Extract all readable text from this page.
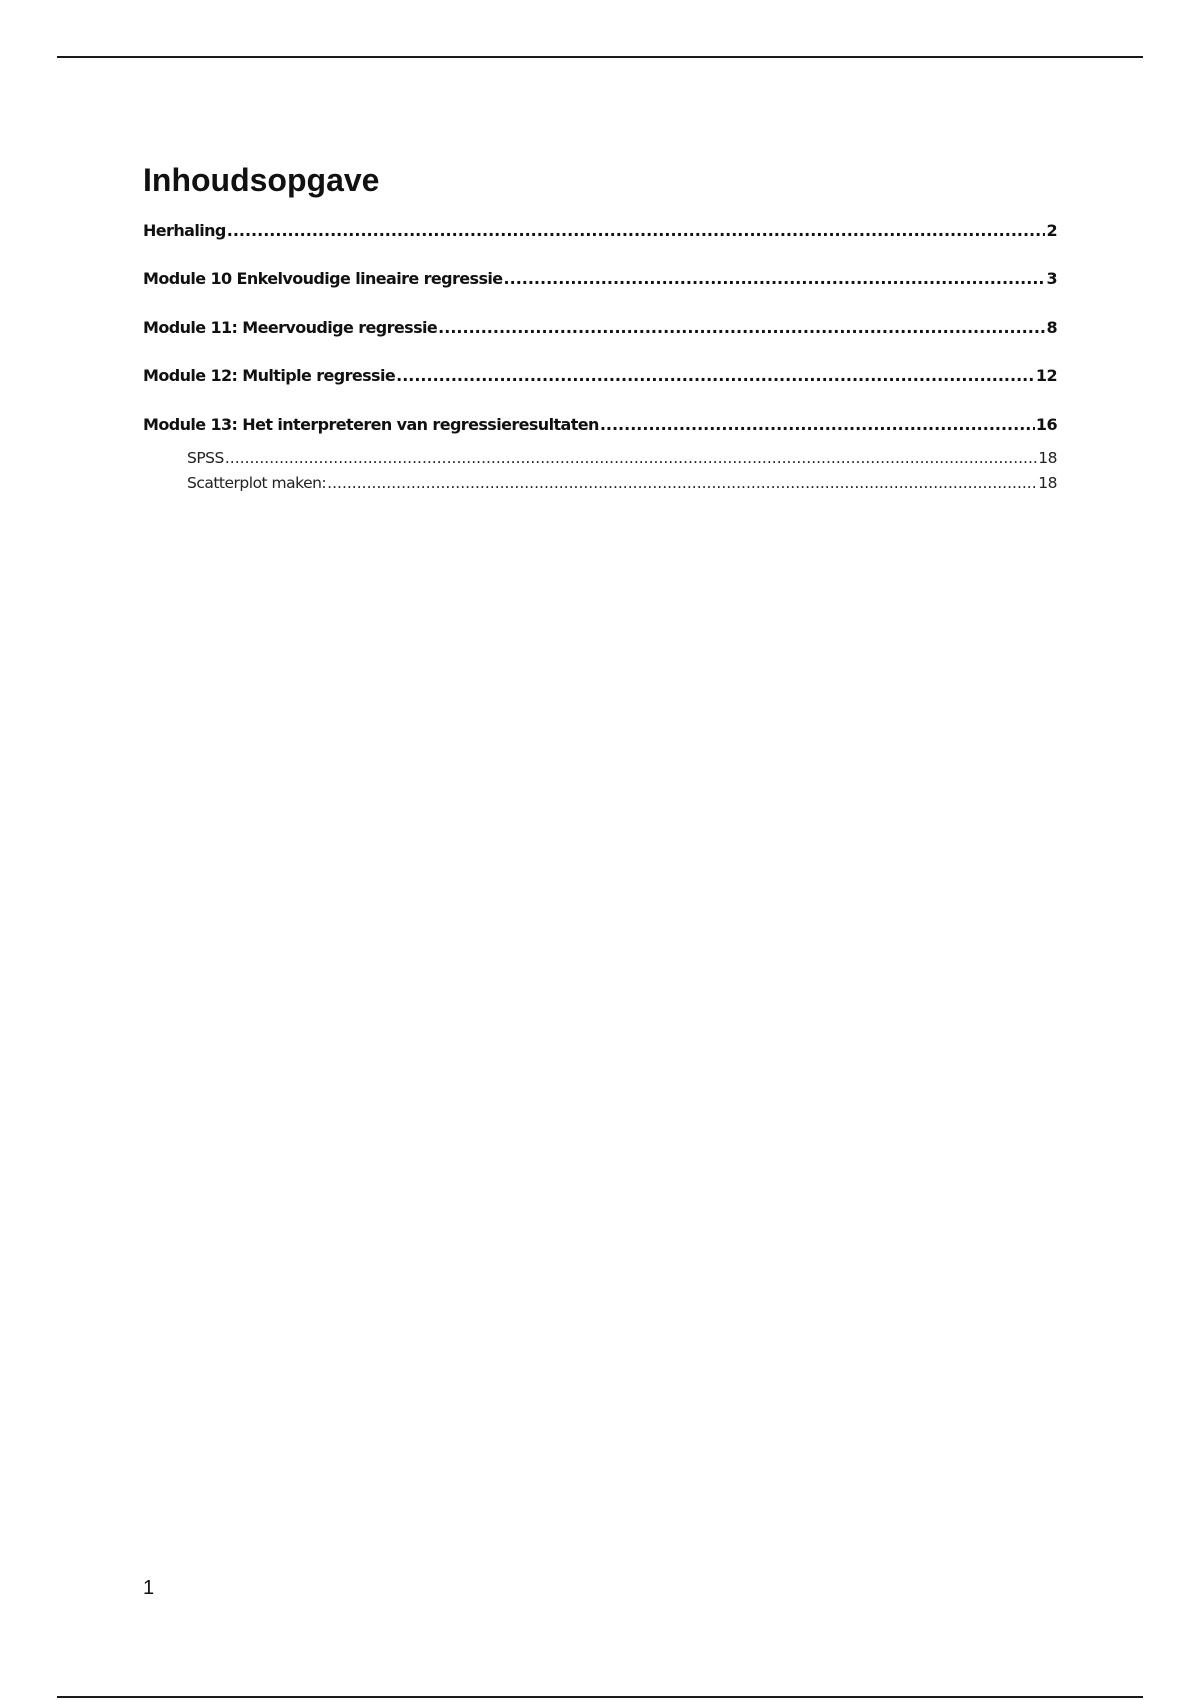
Inhoudsopgave
Herhaling .....	2
Module 10 Enkelvoudige lineaire regressie .....	3
Module 11: Meervoudige regressie .....	8
Module 12: Multiple regressie .....	12
Module 13: Het interpreteren van regressieresultaten .....	16
SPSS .....	18
Scatterplot maken: .....	18
1
